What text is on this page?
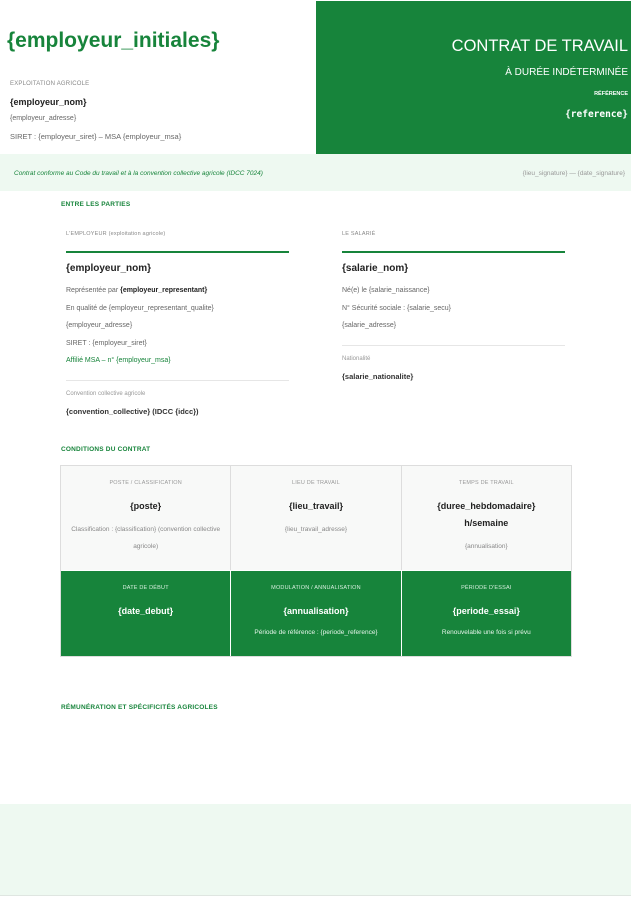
{employeur_initiales}
EXPLOITATION AGRICOLE
{employeur_nom}
{employeur_adresse}
SIRET : {employeur_siret} – MSA {employeur_msa}
CONTRAT DE TRAVAIL
À DURÉE INDÉTERMINÉE
RÉFÉRENCE
{reference}
Contrat conforme au Code du travail et à la convention collective agricole (IDCC 7024)	{lieu_signature} — {date_signature}
ENTRE LES PARTIES
L'EMPLOYEUR (exploitation agricole)
{employeur_nom}
Représentée par {employeur_representant}
En qualité de {employeur_representant_qualite}
{employeur_adresse}
SIRET : {employeur_siret}
Affilié MSA – n° {employeur_msa}
Convention collective agricole
{convention_collective} (IDCC {idcc})
LE SALARIÉ
{salarie_nom}
Né(e) le {salarie_naissance}
N° Sécurité sociale : {salarie_secu}
{salarie_adresse}
Nationalité
{salarie_nationalite}
CONDITIONS DU CONTRAT
POSTE / CLASSIFICATION
{poste}
Classification : {classification} (convention collective agricole)
LIEU DE TRAVAIL
{lieu_travail}
{lieu_travail_adresse}
TEMPS DE TRAVAIL
{duree_hebdomadaire} h/semaine
{annualisation}
DATE DE DÉBUT
{date_debut}
MODULATION / ANNUALISATION
{annualisation}
Période de référence : {periode_reference}
PÉRIODE D'ESSAI
{periode_essai}
Renouvelable une fois si prévu
RÉMUNÉRATION ET SPÉCIFICITÉS AGRICOLES
